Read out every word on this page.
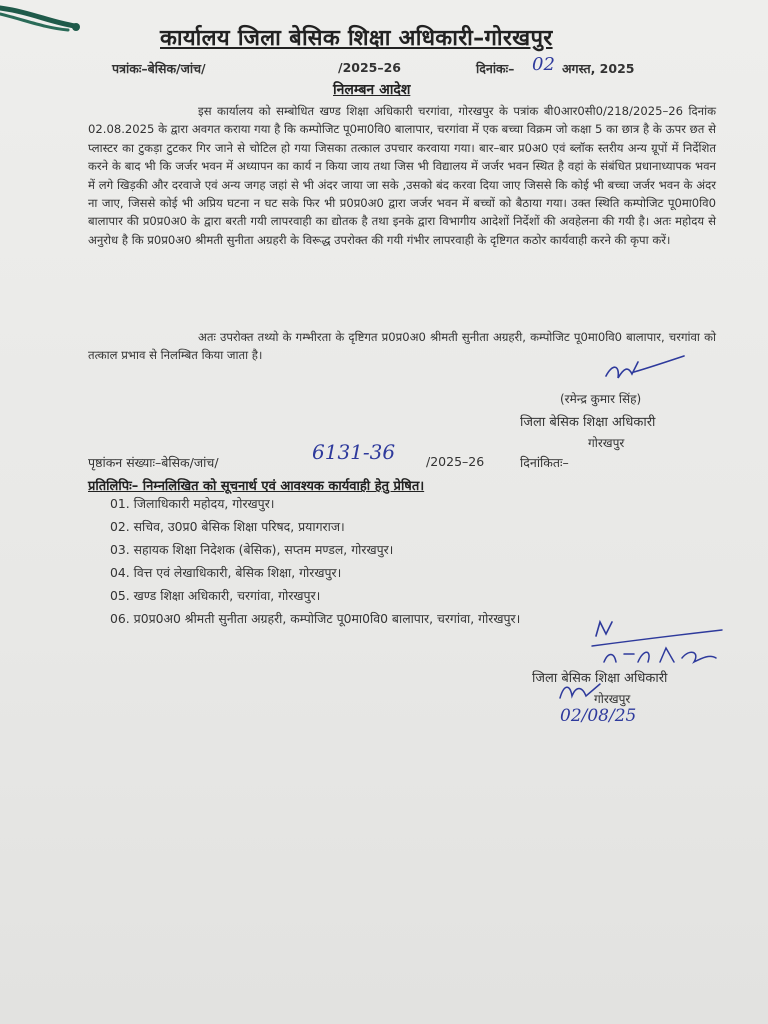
कार्यालय जिला बेसिक शिक्षा अधिकारी–गोरखपुर
पत्रांकः–बेसिक/जांच/	/2025–26	दिनांकः– 02 अगस्त, 2025
निलम्बन आदेश
इस कार्यालय को सम्बोधित खण्ड शिक्षा अधिकारी चरगांवा, गोरखपुर के पत्रांक बी0आर0सी0/218/2025–26 दिनांक 02.08.2025 के द्वारा अवगत कराया गया है कि कम्पोजिट पू0मा0वि0 बालापार, चरगांवा में एक बच्चा विक्रम जो कक्षा 5 का छात्र है के ऊपर छत से प्लास्टर का टुकड़ा टुटकर गिर जाने से चोटिल हो गया जिसका तत्काल उपचार करवाया गया। बार–बार प्र0अ0 एवं ब्लॉक स्तरीय अन्य ग्रूपों में निर्देशित करने के बाद भी कि जर्जर भवन में अध्यापन का कार्य न किया जाय तथा जिस भी विद्यालय में जर्जर भवन स्थित है वहां के संबंधित प्रधानाध्यापक भवन में लगे खिड़की और दरवाजे एवं अन्य जगह जहां से भी अंदर जाया जा सके ,उसको बंद करवा दिया जाए जिससे कि कोई भी बच्चा जर्जर भवन के अंदर ना जाए, जिससे कोई भी अप्रिय घटना न घट सके फिर भी प्र0प्र0अ0 द्वारा जर्जर भवन में बच्चों को बैठाया गया। उक्त स्थिति कम्पोजिट पू0मा0वि0 बालापार की प्र0प्र0अ0 के द्वारा बरती गयी लापरवाही का द्योतक है तथा इनके द्वारा विभागीय आदेशों निर्देशों की अवहेलना की गयी है। अतः महोदय से अनुरोध है कि प्र0प्र0अ0 श्रीमती सुनीता अग्रहरी के विरूद्ध उपरोक्त की गयी गंभीर लापरवाही के दृष्टिगत कठोर कार्यवाही करने की कृपा करें।
अतः उपरोक्त तथ्यो के गम्भीरता के दृष्टिगत प्र0प्र0अ0 श्रीमती सुनीता अग्रहरी, कम्पोजिट पू0मा0वि0 बालापार, चरगांवा को तत्काल प्रभाव से निलम्बित किया जाता है।
(रमेन्द्र कुमार सिंह)
जिला बेसिक शिक्षा अधिकारी
गोरखपुर
पृष्ठांकन संख्याः–बेसिक/जांच/	6131-36 /2025–26	दिनांकितः–
प्रतिलिपिः– निम्नलिखित को सूचनार्थ एवं आवश्यक कार्यवाही हेतु प्रेषित।
01. जिलाधिकारी महोदय, गोरखपुर।
02. सचिव, उ0प्र0 बेसिक शिक्षा परिषद, प्रयागराज।
03. सहायक शिक्षा निदेशक (बेसिक), सप्तम मण्डल, गोरखपुर।
04. वित्त एवं लेखाधिकारी, बेसिक शिक्षा, गोरखपुर।
05. खण्ड शिक्षा अधिकारी, चरगांवा, गोरखपुर।
06. प्र0प्र0अ0 श्रीमती सुनीता अग्रहरी, कम्पोजिट पू0मा0वि0 बालापार, चरगांवा, गोरखपुर।
जिला बेसिक शिक्षा अधिकारी
गोरखपुर
02/08/25
